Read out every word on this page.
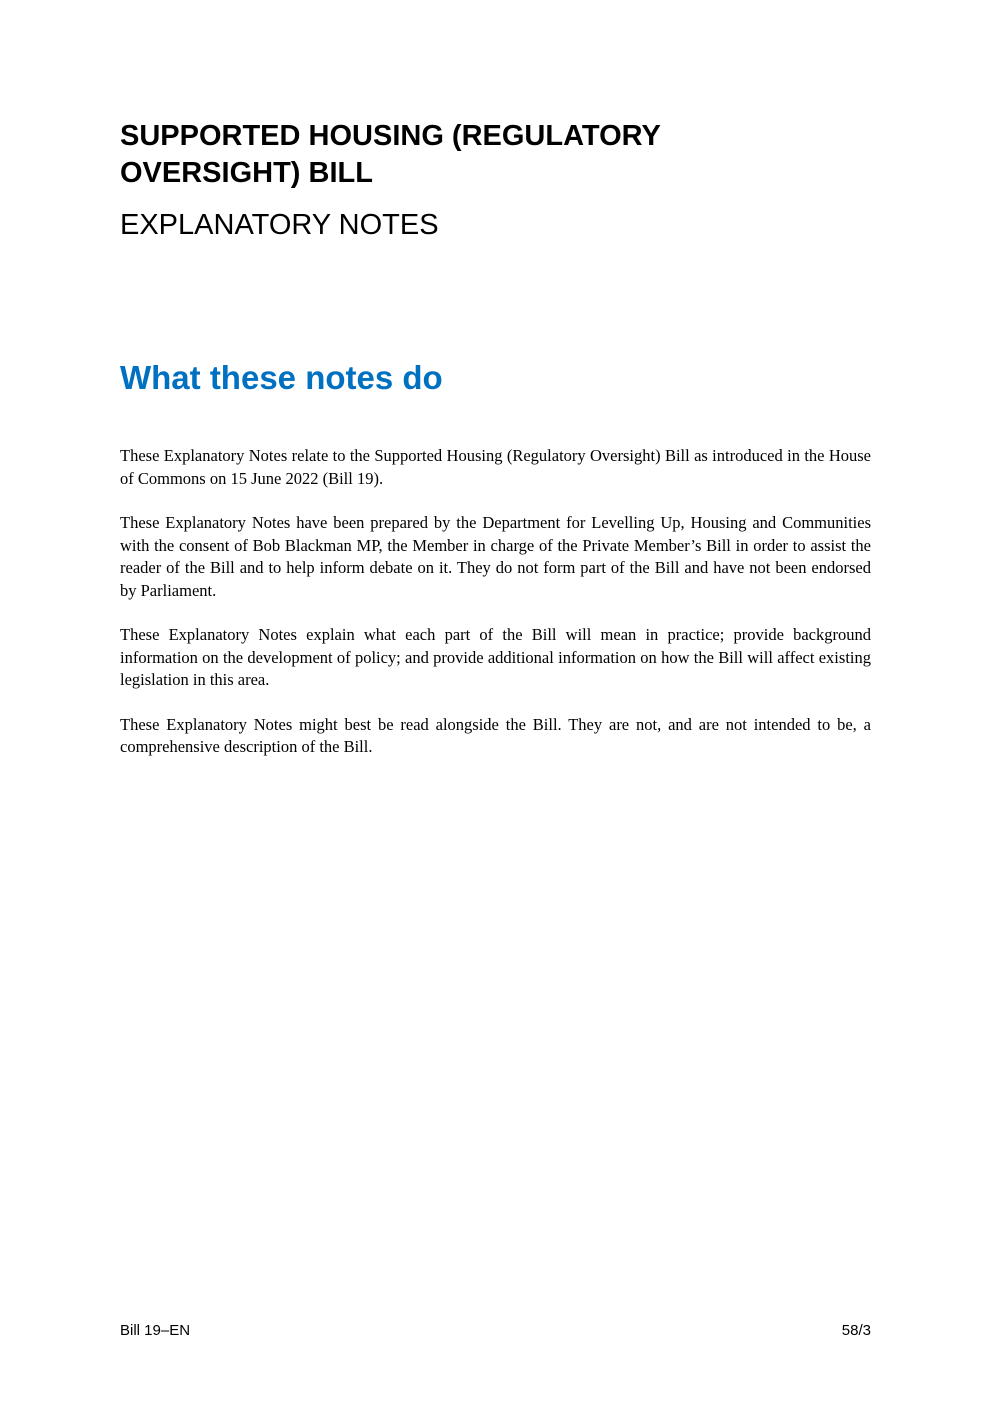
SUPPORTED HOUSING (REGULATORY OVERSIGHT) BILL
EXPLANATORY NOTES
What these notes do

These Explanatory Notes relate to the Supported Housing (Regulatory Oversight) Bill as introduced in the House of Commons on 15 June 2022 (Bill 19).

These Explanatory Notes have been prepared by the Department for Levelling Up, Housing and Communities with the consent of Bob Blackman MP, the Member in charge of the Private Member’s Bill in order to assist the reader of the Bill and to help inform debate on it. They do not form part of the Bill and have not been endorsed by Parliament.

These Explanatory Notes explain what each part of the Bill will mean in practice; provide background information on the development of policy; and provide additional information on how the Bill will affect existing legislation in this area.

These Explanatory Notes might best be read alongside the Bill. They are not, and are not intended to be, a comprehensive description of the Bill.

Bill 19–EN	58/3
